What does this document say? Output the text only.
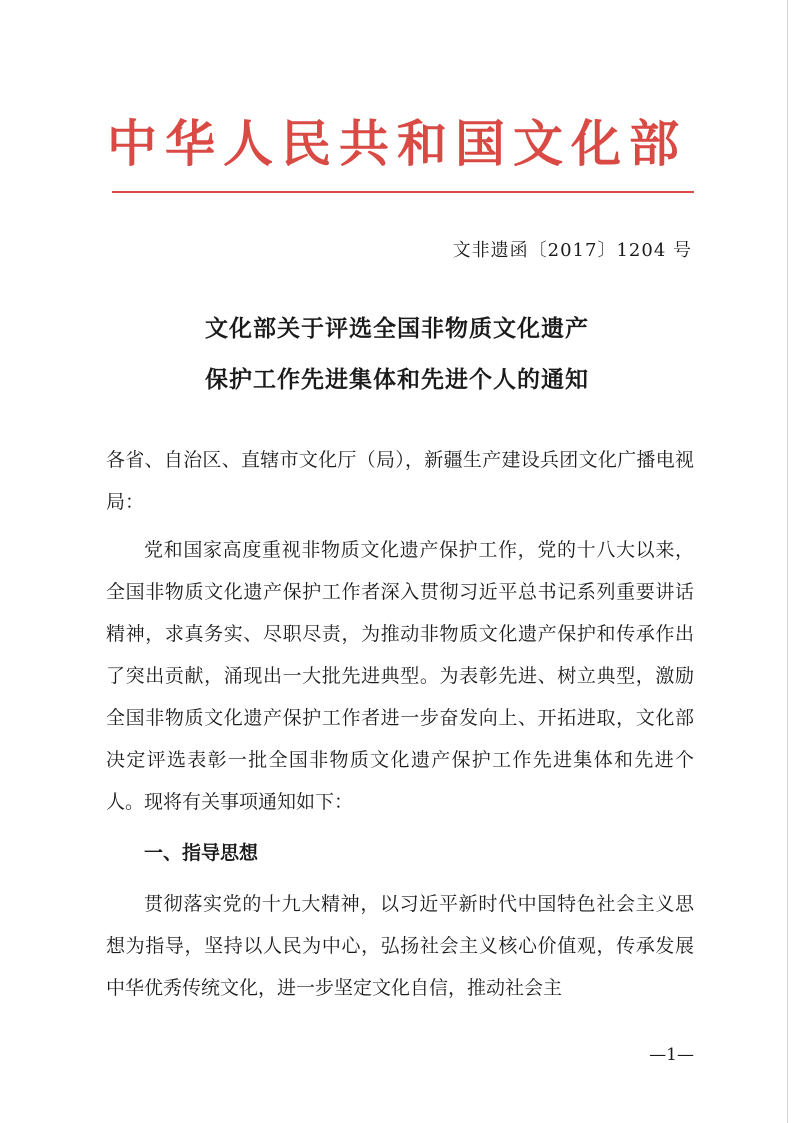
中华人民共和国文化部
文非遗函〔2017〕1204 号
文化部关于评选全国非物质文化遗产
保护工作先进集体和先进个人的通知

各省、自治区、直辖市文化厅（局），新疆生产建设兵团文化广播电视局：

党和国家高度重视非物质文化遗产保护工作，党的十八大以来，全国非物质文化遗产保护工作者深入贯彻习近平总书记系列重要讲话精神，求真务实、尽职尽责，为推动非物质文化遗产保护和传承作出了突出贡献，涌现出一大批先进典型。为表彰先进、树立典型，激励全国非物质文化遗产保护工作者进一步奋发向上、开拓进取，文化部决定评选表彰一批全国非物质文化遗产保护工作先进集体和先进个人。现将有关事项通知如下：

一、指导思想

贯彻落实党的十九大精神，以习近平新时代中国特色社会主义思想为指导，坚持以人民为中心，弘扬社会主义核心价值观，传承发展中华优秀传统文化，进一步坚定文化自信，推动社会主

—1—
